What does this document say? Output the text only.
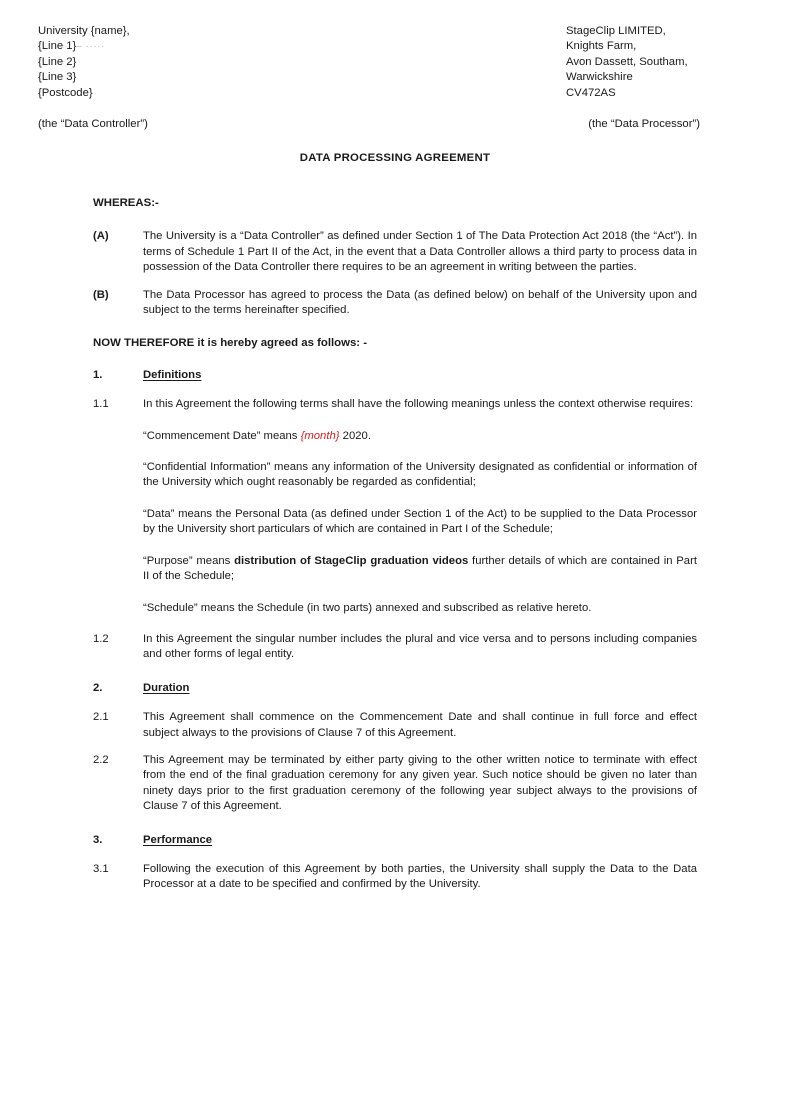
University {name},
{Line 1}– ·····
{Line 2}
{Line 3}
{Postcode}
StageClip LIMITED,
Knights Farm,
Avon Dassett, Southam,
Warwickshire
CV472AS
(the “Data Controller”)	(the “Data Processor”)
DATA PROCESSING AGREEMENT
WHEREAS:-
(A)	The University is a “Data Controller” as defined under Section 1 of The Data Protection Act 2018 (the “Act”). In terms of Schedule 1 Part II of the Act, in the event that a Data Controller allows a third party to process data in possession of the Data Controller there requires to be an agreement in writing between the parties.
(B)	The Data Processor has agreed to process the Data (as defined below) on behalf of the University upon and subject to the terms hereinafter specified.
NOW THEREFORE it is hereby agreed as follows: -
1.	Definitions
1.1	In this Agreement the following terms shall have the following meanings unless the context otherwise requires:
“Commencement Date” means {month} 2020.
“Confidential Information” means any information of the University designated as confidential or information of the University which ought reasonably be regarded as confidential;
“Data” means the Personal Data (as defined under Section 1 of the Act) to be supplied to the Data Processor by the University short particulars of which are contained in Part I of the Schedule;
“Purpose” means distribution of StageClip graduation videos further details of which are contained in Part II of the Schedule;
“Schedule” means the Schedule (in two parts) annexed and subscribed as relative hereto.
1.2	In this Agreement the singular number includes the plural and vice versa and to persons including companies and other forms of legal entity.
2.	Duration
2.1	This Agreement shall commence on the Commencement Date and shall continue in full force and effect subject always to the provisions of Clause 7 of this Agreement.
2.2	This Agreement may be terminated by either party giving to the other written notice to terminate with effect from the end of the final graduation ceremony for any given year. Such notice should be given no later than ninety days prior to the first graduation ceremony of the following year subject always to the provisions of Clause 7 of this Agreement.
3.	Performance
3.1	Following the execution of this Agreement by both parties, the University shall supply the Data to the Data Processor at a date to be specified and confirmed by the University.
